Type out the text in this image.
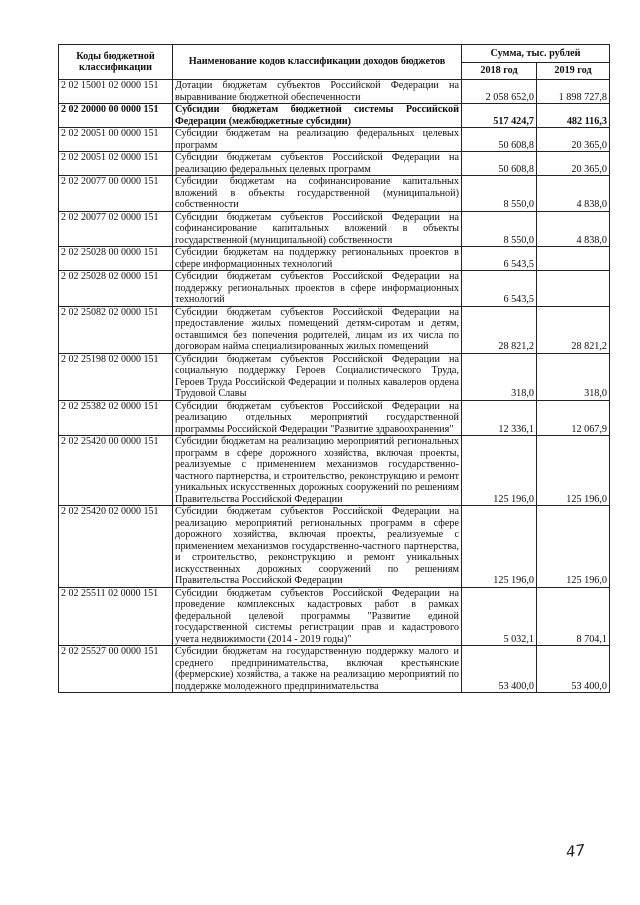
Коды бюджетной классификации	Наименование кодов классификации доходов бюджетов	Сумма, тыс. рублей	
		2018 год	2019 год
2 02 15001 02 0000 151	Дотации бюджетам субъектов Российской Федерации на выравнивание бюджетной обеспеченности	2 058 652,0	1 898 727,8
2 02 20000 00 0000 151	Субсидии бюджетам бюджетной системы Российской Федерации (межбюджетные субсидии)	517 424,7	482 116,3
2 02 20051 00 0000 151	Субсидии бюджетам на реализацию федеральных целевых программ	50 608,8	20 365,0
2 02 20051 02 0000 151	Субсидии бюджетам субъектов Российской Федерации на реализацию федеральных целевых программ	50 608,8	20 365,0
2 02 20077 00 0000 151	Субсидии бюджетам на софинансирование капитальных вложений в объекты государственной (муниципальной) собственности	8 550,0	4 838,0
2 02 20077 02 0000 151	Субсидии бюджетам субъектов Российской Федерации на софинансирование капитальных вложений в объекты государственной (муниципальной) собственности	8 550,0	4 838,0
2 02 25028 00 0000 151	Субсидии бюджетам на поддержку региональных проектов в сфере информационных технологий	6 543,5	
2 02 25028 02 0000 151	Субсидии бюджетам субъектов Российской Федерации на поддержку региональных проектов в сфере информационных технологий	6 543,5	
2 02 25082 02 0000 151	Субсидии бюджетам субъектов Российской Федерации на предоставление жилых помещений детям-сиротам и детям, оставшимся без попечения родителей, лицам из их числа по договорам найма специализированных жилых помещений	28 821,2	28 821,2
2 02 25198 02 0000 151	Субсидии бюджетам субъектов Российской Федерации на социальную поддержку Героев Социалистического Труда, Героев Труда Российской Федерации и полных кавалеров ордена Трудовой Славы	318,0	318,0
2 02 25382 02 0000 151	Субсидии бюджетам субъектов Российской Федерации на реализацию отдельных мероприятий государственной программы Российской Федерации "Развитие здравоохранения"	12 336,1	12 067,9
2 02 25420 00 0000 151	Субсидии бюджетам на реализацию мероприятий региональных программ в сфере дорожного хозяйства, включая проекты, реализуемые с применением механизмов государственно-частного партнерства, и строительство, реконструкцию и ремонт уникальных искусственных дорожных сооружений по решениям Правительства Российской Федерации	125 196,0	125 196,0
2 02 25420 02 0000 151	Субсидии бюджетам субъектов Российской Федерации на реализацию мероприятий региональных программ в сфере дорожного хозяйства, включая проекты, реализуемые с применением механизмов государственно-частного партнерства, и строительство, реконструкцию и ремонт уникальных искусственных дорожных сооружений по решениям Правительства Российской Федерации	125 196,0	125 196,0
2 02 25511 02 0000 151	Субсидии бюджетам субъектов Российской Федерации на проведение комплексных кадастровых работ в рамках федеральной целевой программы "Развитие единой государственной системы регистрации прав и кадастрового учета недвижимости (2014 - 2019 годы)"	5 032,1	8 704,1
2 02 25527 00 0000 151	Субсидии бюджетам на государственную поддержку малого и среднего предпринимательства, включая крестьянские (фермерские) хозяйства, а также на реализацию мероприятий по поддержке молодежного предпринимательства	53 400,0	53 400,0
47
